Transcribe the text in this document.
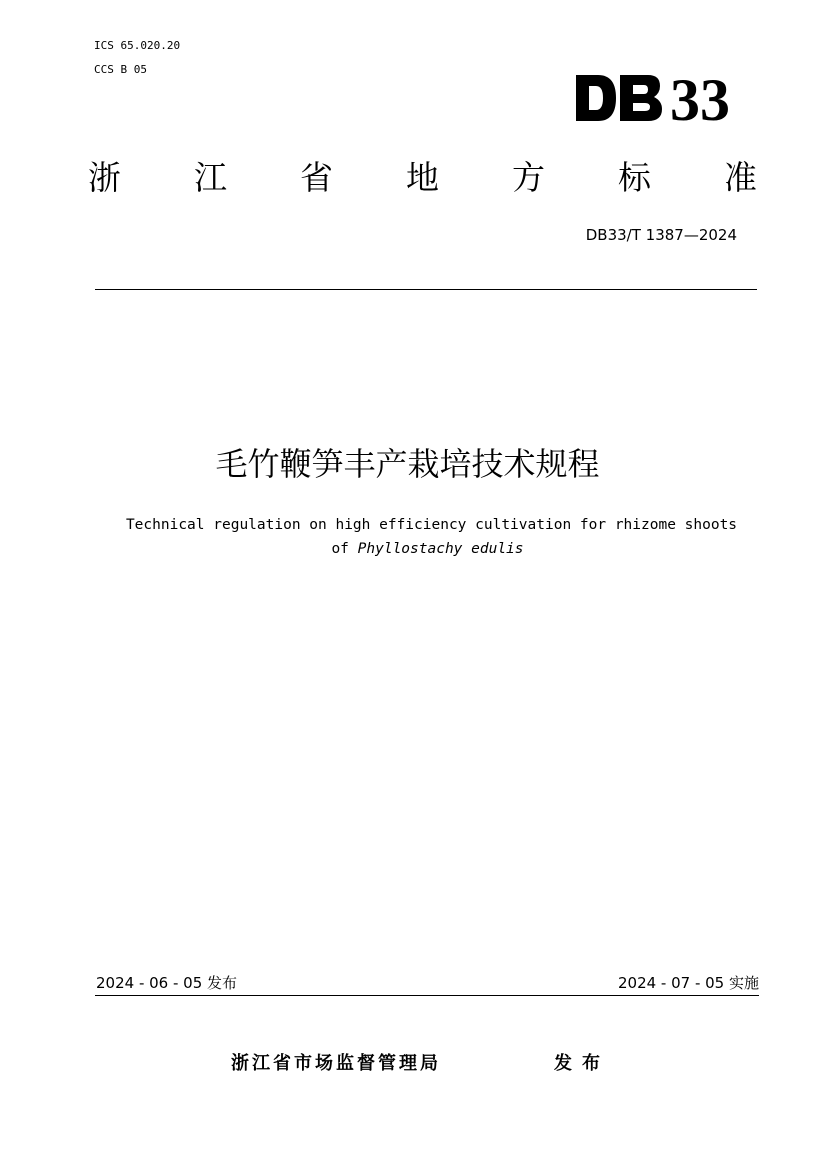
ICS 65.020.20
CCS B 05	33
浙 江 省 地 方 标 准
DB33/T 1387—2024
毛竹鞭笋丰产栽培技术规程
Technical regulation on high efficiency cultivation for rhizome shoots
of Phyllostachy edulis
2024 - 06 - 05 发布	2024 - 07 - 05 实施
浙江省市场监督管理局	发布
